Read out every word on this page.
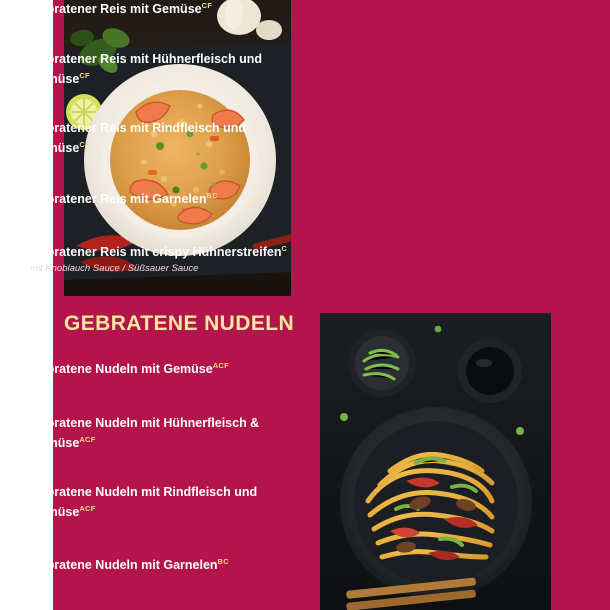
91 Gebratener Reis mit Gemüse$^{CF}$
€ 9,90
92 Gebratener Reis mit Hühnerfleisch und Gemüse$^{CF}$
€ 10,90
93 Gebratener Reis mit Rindfleisch und Gemüse$^{CF}$
€ 12,90
94 Gebratener Reis mit Garnelen$^{BC}$
€ 14,90
95 Gebratener Reis mit crispy Hühnerstreifen$^C$
mit Knoblauch Sauce / Süßsauer Sauce
€ 12,50
GEBRATENE NUDELN
101 Gebratene Nudeln mit Gemüse$^{ACF}$
€ 9,90
102 Gebratene Nudeln mit Hühnerfleisch & Gemüse$^{ACF}$
€ 10,90
103 Gebratene Nudeln mit Rindfleisch und Gemüse$^{ACF}$
€ 12,90
104 Gebratene Nudeln mit Garnelen$^{BC}$
€ 14,90
